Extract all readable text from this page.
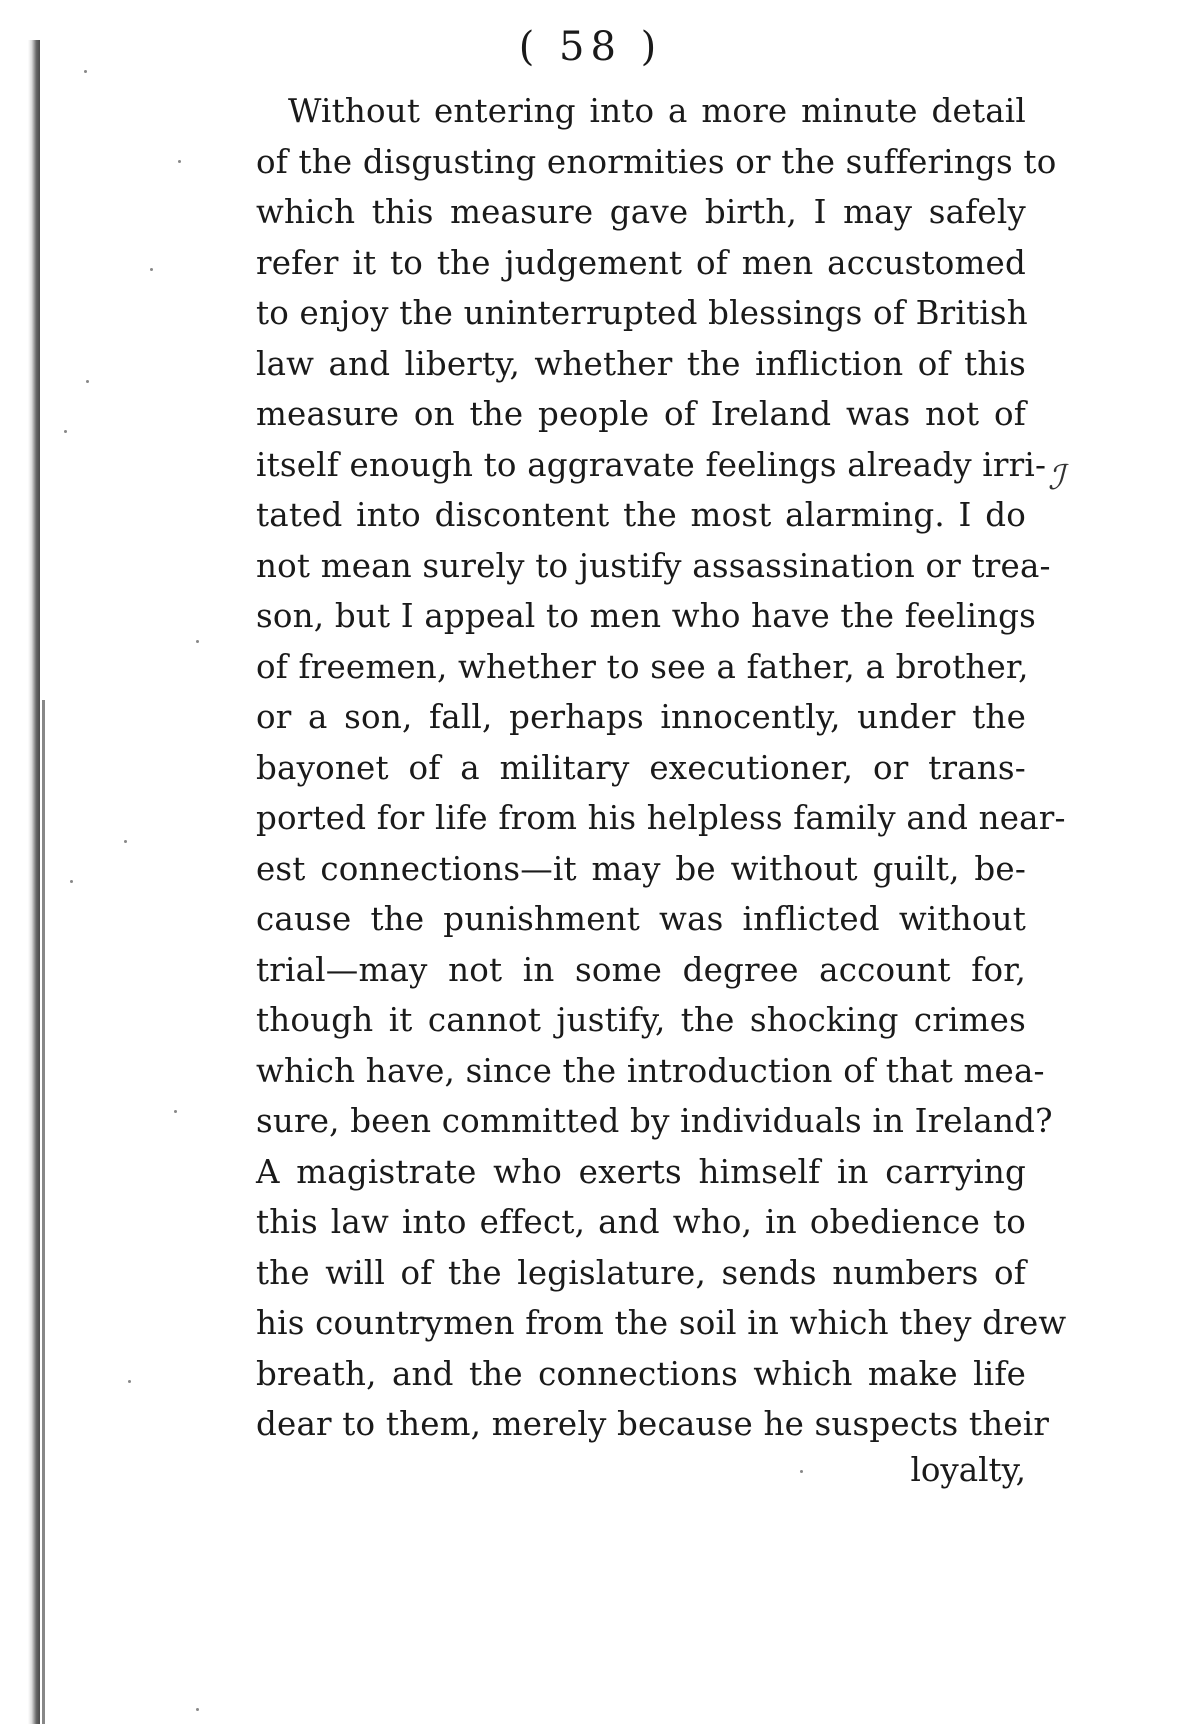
( 58 )
Without entering into a more minute detail
of the disgusting enormities or the sufferings to
which this measure gave birth, I may safely
refer it to the judgement of men accustomed
to enjoy the uninterrupted blessings of British
law and liberty, whether the infliction of this
measure on the people of Ireland was not of
itself enough to aggravate feelings already irri-
tated into discontent the most alarming. I do
not mean surely to justify assassination or trea-
son, but I appeal to men who have the feelings
of freemen, whether to see a father, a brother,
or a son, fall, perhaps innocently, under the
bayonet of a military executioner, or trans-
ported for life from his helpless family and near-
est connections—it may be without guilt, be-
cause the punishment was inflicted without
trial—may not in some degree account for,
though it cannot justify, the shocking crimes
which have, since the introduction of that mea-
sure, been committed by individuals in Ireland?
A magistrate who exerts himself in carrying
this law into effect, and who, in obedience to
the will of the legislature, sends numbers of
his countrymen from the soil in which they drew
breath, and the connections which make life
dear to them, merely because he suspects their
loyalty,
ℐ
